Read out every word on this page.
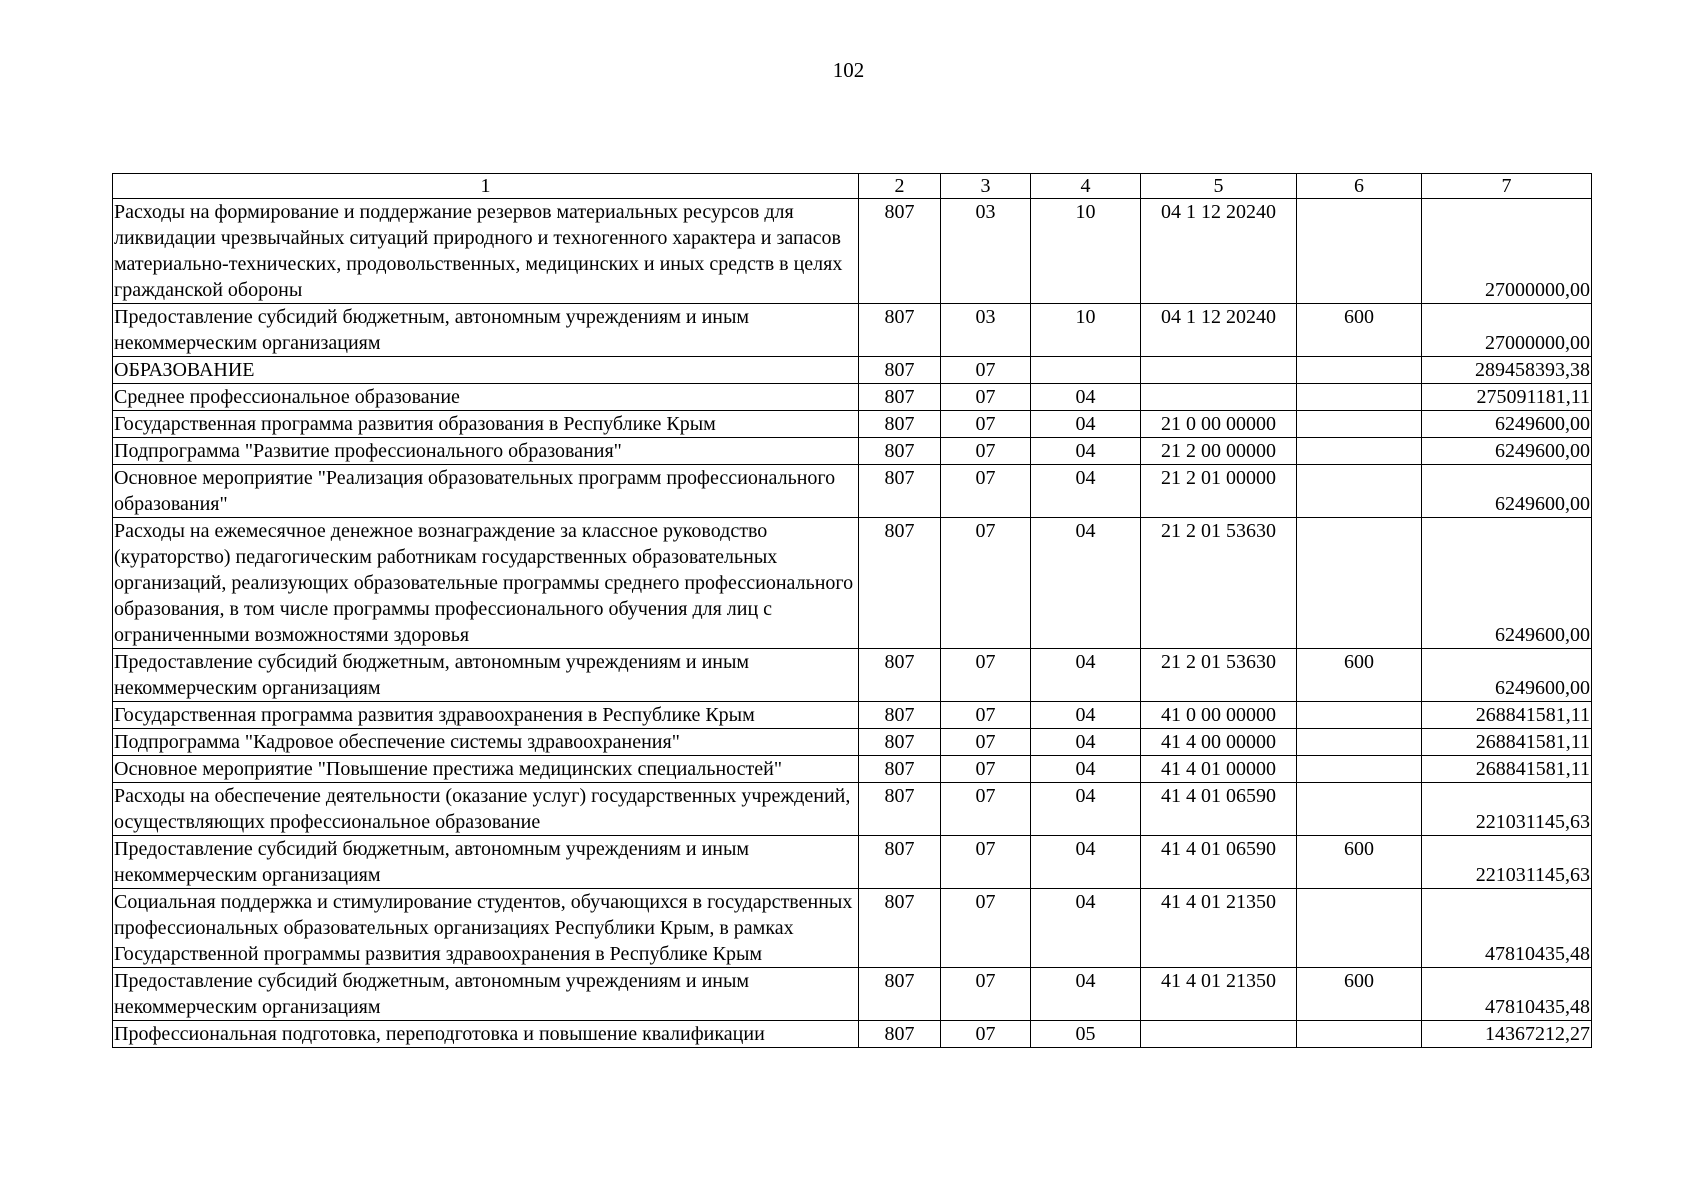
102
1	2	3	4	5	6	7
Расходы на формирование и поддержание резервов материальных ресурсов для ликвидации чрезвычайных ситуаций природного и техногенного характера и запасов материально-технических, продовольственных, медицинских и иных средств в целях гражданской обороны	807	03	10	04 1 12 20240		27000000,00
Предоставление субсидий бюджетным, автономным учреждениям и иным некоммерческим организациям	807	03	10	04 1 12 20240	600	27000000,00
ОБРАЗОВАНИЕ	807	07				289458393,38
Среднее профессиональное образование	807	07	04			275091181,11
Государственная программа развития образования в Республике Крым	807	07	04	21 0 00 00000		6249600,00
Подпрограмма "Развитие профессионального образования"	807	07	04	21 2 00 00000		6249600,00
Основное мероприятие "Реализация образовательных программ профессионального образования"	807	07	04	21 2 01 00000		6249600,00
Расходы на ежемесячное денежное вознаграждение за классное руководство (кураторство) педагогическим работникам государственных образовательных организаций, реализующих образовательные программы среднего профессионального образования, в том числе программы профессионального обучения для лиц с ограниченными возможностями здоровья	807	07	04	21 2 01 53630		6249600,00
Предоставление субсидий бюджетным, автономным учреждениям и иным некоммерческим организациям	807	07	04	21 2 01 53630	600	6249600,00
Государственная программа развития здравоохранения в Республике Крым	807	07	04	41 0 00 00000		268841581,11
Подпрограмма "Кадровое обеспечение системы здравоохранения"	807	07	04	41 4 00 00000		268841581,11
Основное мероприятие "Повышение престижа медицинских специальностей"	807	07	04	41 4 01 00000		268841581,11
Расходы на обеспечение деятельности (оказание услуг) государственных учреждений, осуществляющих профессиональное образование	807	07	04	41 4 01 06590		221031145,63
Предоставление субсидий бюджетным, автономным учреждениям и иным некоммерческим организациям	807	07	04	41 4 01 06590	600	221031145,63
Социальная поддержка и стимулирование студентов, обучающихся в государственных профессиональных образовательных организациях Республики Крым, в рамках Государственной программы развития здравоохранения в Республике Крым	807	07	04	41 4 01 21350		47810435,48
Предоставление субсидий бюджетным, автономным учреждениям и иным некоммерческим организациям	807	07	04	41 4 01 21350	600	47810435,48
Профессиональная подготовка, переподготовка и повышение квалификации	807	07	05			14367212,27
